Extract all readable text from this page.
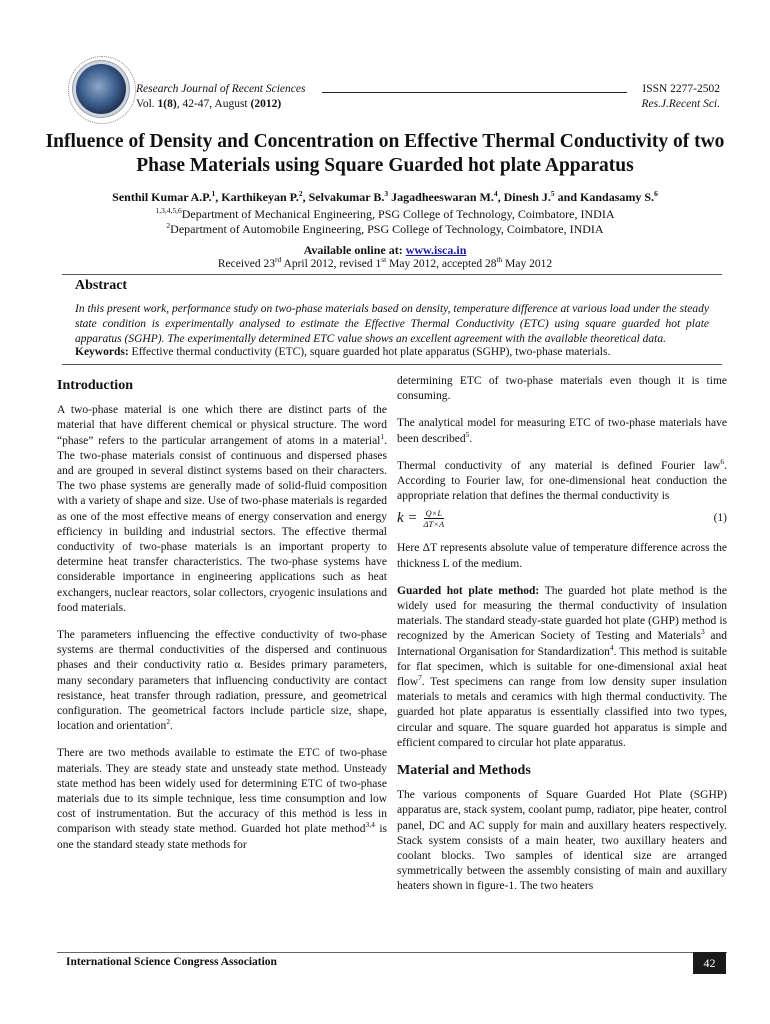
Research Journal of Recent Sciences
Vol. 1(8), 42-47, August (2012)
ISSN 2277-2502
Res.J.Recent Sci.
Influence of Density and Concentration on Effective Thermal Conductivity of two Phase Materials using Square Guarded hot plate Apparatus
Senthil Kumar A.P.$^1$, Karthikeyan P.$^2$, Selvakumar B.$^3$ Jagadheeswaran M.$^4$, Dinesh J.$^5$ and Kandasamy S.$^6$
$^{1,3,4,5,6}$Department of Mechanical Engineering, PSG College of Technology, Coimbatore, INDIA
$^2$Department of Automobile Engineering, PSG College of Technology, Coimbatore, INDIA
Available online at: www.isca.in
Received 23rd April 2012, revised 1st May 2012, accepted 28th May 2012
Abstract
In this present work, performance study on two-phase materials based on density, temperature difference at various load under the steady state condition is experimentally analysed to estimate the Effective Thermal Conductivity (ETC) using square guarded hot plate apparatus (SGHP). The experimentally determined ETC value shows an excellent agreement with the available theoretical data.
Keywords: Effective thermal conductivity (ETC), square guarded hot plate apparatus (SGHP), two-phase materials.
Introduction

A two-phase material is one which there are distinct parts of the material that have different chemical or physical structure. The word “phase” refers to the particular arrangement of atoms in a material$^1$. The two-phase materials consist of continuous and dispersed phases and are grouped in several distinct systems based on their characters. The two phase systems are generally made of solid-fluid composition with a variety of shape and size. Use of two-phase materials is regarded as one of the most effective means of energy conservation and energy efficiency in building and industrial sectors. The effective thermal conductivity of two-phase materials is an important property to determine heat transfer characteristics. The two-phase systems have considerable importance in engineering applications such as heat exchangers, nuclear reactors, solar collectors, cryogenic insulations and food materials.

The parameters influencing the effective conductivity of two-phase systems are thermal conductivities of the dispersed and continuous phases and their conductivity ratio α. Besides primary parameters, many secondary parameters that influencing conductivity are contact resistance, heat transfer through radiation, pressure, and geometrical configuration. The geometrical factors include particle size, shape, location and orientation$^2$.

There are two methods available to estimate the ETC of two-phase materials. They are steady state and unsteady state method. Unsteady state method has been widely used for determining ETC of two-phase materials due to its simple technique, less time consumption and low cost of instrumentation. But the accuracy of this method is less in comparison with steady state method. Guarded hot plate method$^{3,4}$ is one the standard steady state methods for

determining ETC of two-phase materials even though it is time consuming.

The analytical model for measuring ETC of two-phase materials have been described$^5$.

Thermal conductivity of any material is defined Fourier law$^6$. According to Fourier law, for one-dimensional heat conduction the appropriate relation that defines the thermal conductivity is

$k = \frac{Q\times L}{\Delta T\times A}$	(1)

Here ΔT represents absolute value of temperature difference across the thickness L of the medium.

Guarded hot plate method: The guarded hot plate method is the widely used for measuring the thermal conductivity of insulation materials. The standard steady-state guarded hot plate (GHP) method is recognized by the American Society of Testing and Materials$^3$ and International Organisation for Standardization$^4$. This method is suitable for flat specimen, which is suitable for one-dimensional axial heat flow$^7$. Test specimens can range from low density super insulation materials to metals and ceramics with high thermal conductivity. The guarded hot plate apparatus is essentially classified into two types, circular and square. The square guarded hot apparatus is simple and efficient compared to circular hot plate apparatus.

Material and Methods

The various components of Square Guarded Hot Plate (SGHP) apparatus are, stack system, coolant pump, radiator, pipe heater, control panel, DC and AC supply for main and auxillary heaters respectively. Stack system consists of a main heater, two auxillary heaters and coolant blocks. Two samples of identical size are arranged symmetrically between the assembly consisting of main and auxillary heaters shown in figure-1. The two heaters

International Science Congress Association	42
